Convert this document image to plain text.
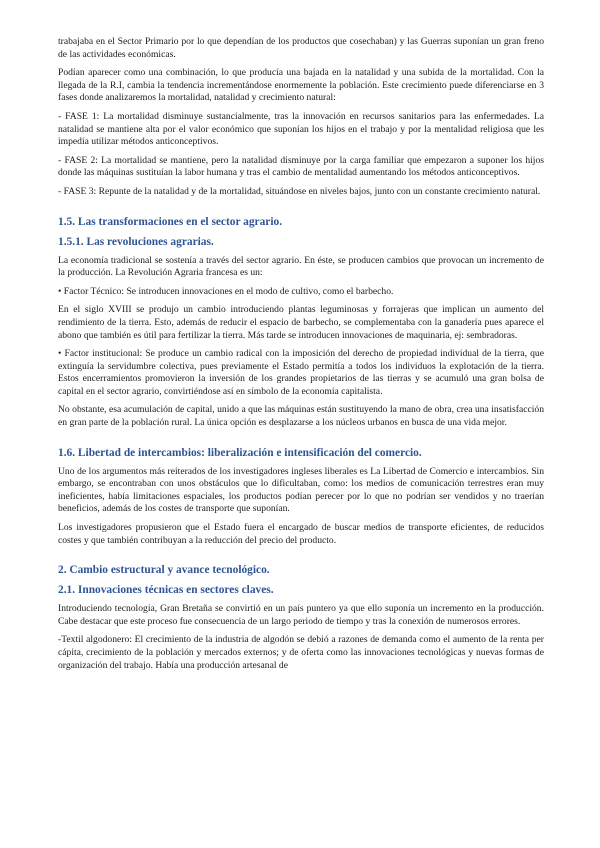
trabajaba en el Sector Primario por lo que dependían de los productos que cosechaban) y las Guerras suponían un gran freno de las actividades económicas.

Podían aparecer como una combinación, lo que producía una bajada en la natalidad y una subida de la mortalidad. Con la llegada de la R.I, cambia la tendencia incrementándose enormemente la población. Este crecimiento puede diferenciarse en 3 fases donde analizaremos la mortalidad, natalidad y crecimiento natural:

- FASE 1: La mortalidad disminuye sustancialmente, tras la innovación en recursos sanitarios para las enfermedades. La natalidad se mantiene alta por el valor económico que suponían los hijos en el trabajo y por la mentalidad religiosa que les impedía utilizar métodos anticonceptivos.

- FASE 2: La mortalidad se mantiene, pero la natalidad disminuye por la carga familiar que empezaron a suponer los hijos donde las máquinas sustituían la labor humana y tras el cambio de mentalidad aumentando los métodos anticonceptivos.

- FASE 3: Repunte de la natalidad y de la mortalidad, situándose en niveles bajos, junto con un constante crecimiento natural.

1.5. Las transformaciones en el sector agrario.
1.5.1. Las revoluciones agrarias.

La economía tradicional se sostenía a través del sector agrario. En éste, se producen cambios que provocan un incremento de la producción. La Revolución Agraria francesa es un:

• Factor Técnico: Se introducen innovaciones en el modo de cultivo, como el barbecho.

En el siglo XVIII se produjo un cambio introduciendo plantas leguminosas y forrajeras que implican un aumento del rendimiento de la tierra. Esto, además de reducir el espacio de barbecho, se complementaba con la ganadería pues aparece el abono que también es útil para fertilizar la tierra. Más tarde se introducen innovaciones de maquinaria, ej: sembradoras.

• Factor institucional: Se produce un cambio radical con la imposición del derecho de propiedad individual de la tierra, que extinguía la servidumbre colectiva, pues previamente el Estado permitía a todos los individuos la explotación de la tierra. Estos encerramientos promovieron la inversión de los grandes propietarios de las tierras y se acumuló una gran bolsa de capital en el sector agrario, convirtiéndose así en símbolo de la economía capitalista.

No obstante, esa acumulación de capital, unido a que las máquinas están sustituyendo la mano de obra, crea una insatisfacción en gran parte de la población rural. La única opción es desplazarse a los núcleos urbanos en busca de una vida mejor.

1.6. Libertad de intercambios: liberalización e intensificación del comercio.

Uno de los argumentos más reiterados de los investigadores ingleses liberales es La Libertad de Comercio e intercambios. Sin embargo, se encontraban con unos obstáculos que lo dificultaban, como: los medios de comunicación terrestres eran muy ineficientes, había limitaciones espaciales, los productos podían perecer por lo que no podrían ser vendidos y no traerían beneficios, además de los costes de transporte que suponían.

Los investigadores propusieron que el Estado fuera el encargado de buscar medios de transporte eficientes, de reducidos costes y que también contribuyan a la reducción del precio del producto.

2. Cambio estructural y avance tecnológico.
2.1. Innovaciones técnicas en sectores claves.

Introduciendo tecnología, Gran Bretaña se convirtió en un país puntero ya que ello suponía un incremento en la producción. Cabe destacar que este proceso fue consecuencia de un largo periodo de tiempo y tras la conexión de numerosos errores.

-Textil algodonero: El crecimiento de la industria de algodón se debió a razones de demanda como el aumento de la renta per cápita, crecimiento de la población y mercados externos; y de oferta como las innovaciones tecnológicas y nuevas formas de organización del trabajo. Había una producción artesanal de
